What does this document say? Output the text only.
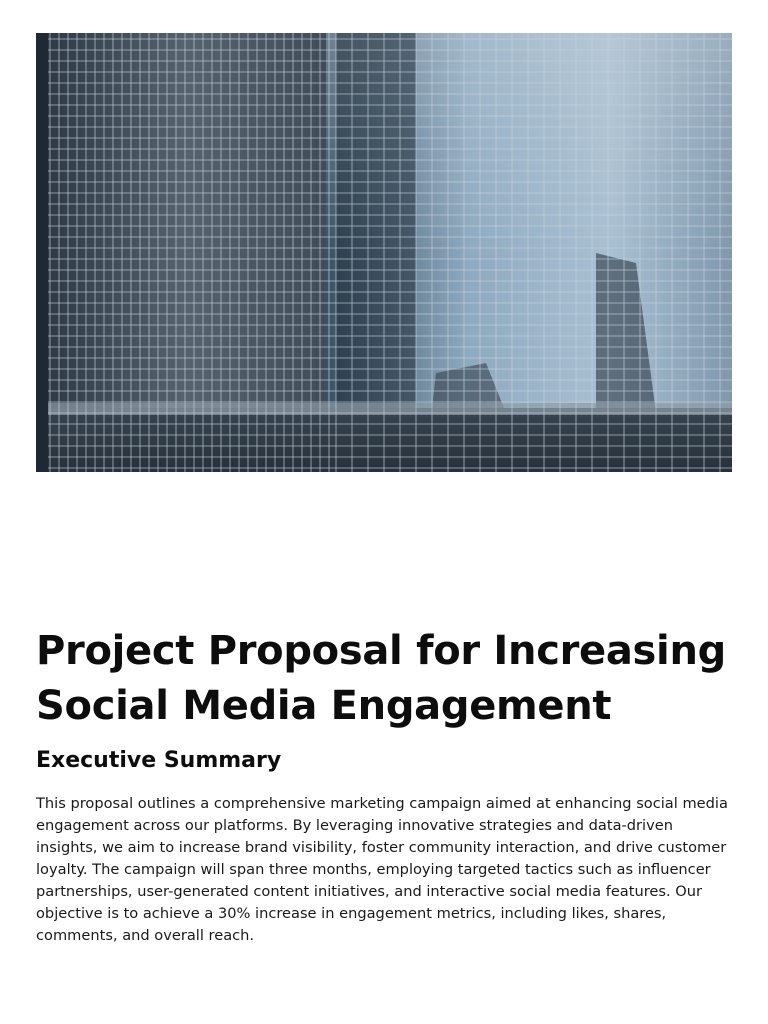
Project Proposal for Increasing Social Media Engagement
Executive Summary

This proposal outlines a comprehensive marketing campaign aimed at enhancing social media engagement across our platforms. By leveraging innovative strategies and data-driven insights, we aim to increase brand visibility, foster community interaction, and drive customer loyalty. The campaign will span three months, employing targeted tactics such as influencer partnerships, user-generated content initiatives, and interactive social media features. Our objective is to achieve a 30% increase in engagement metrics, including likes, shares, comments, and overall reach.
